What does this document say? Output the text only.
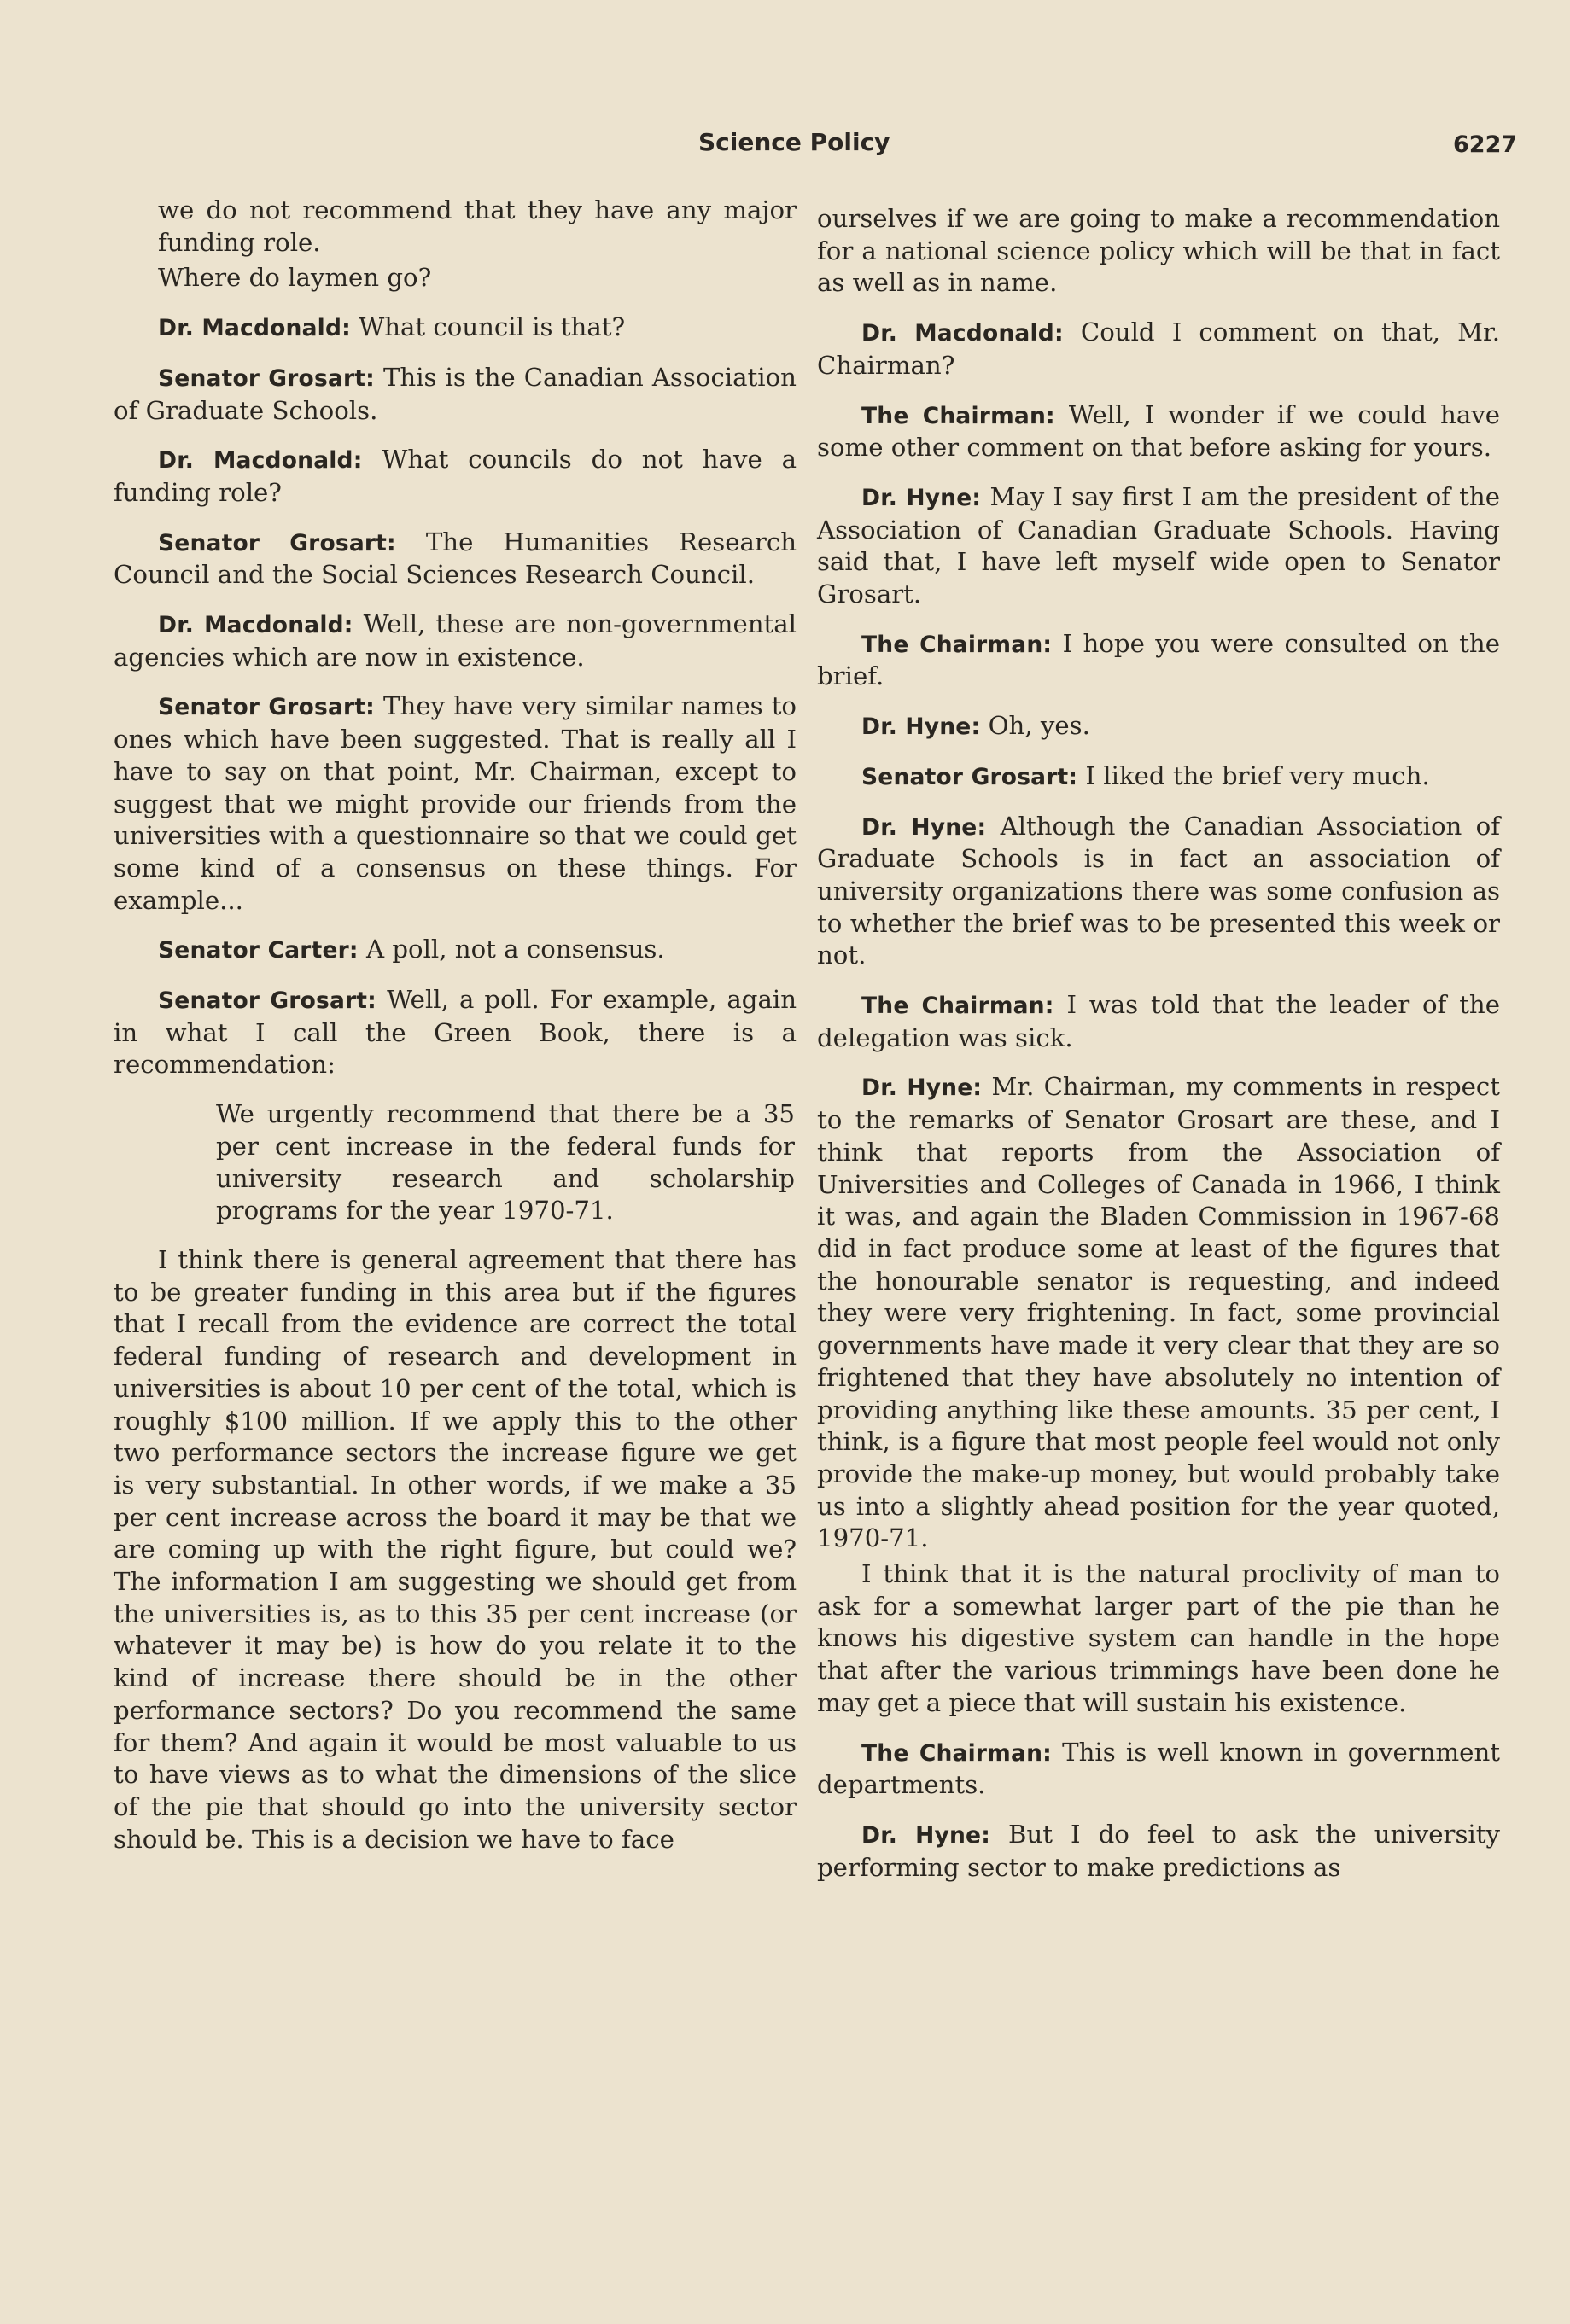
Science Policy	6227

we do not recommend that they have any major funding role.

Where do laymen go?

Dr. Macdonald: What council is that?

Senator Grosart: This is the Canadian Association of Graduate Schools.

Dr. Macdonald: What councils do not have a funding role?

Senator Grosart: The Humanities Research Council and the Social Sciences Research Council.

Dr. Macdonald: Well, these are non-governmental agencies which are now in existence.

Senator Grosart: They have very similar names to ones which have been suggested. That is really all I have to say on that point, Mr. Chairman, except to suggest that we might provide our friends from the universities with a questionnaire so that we could get some kind of a consensus on these things. For example...

Senator Carter: A poll, not a consensus.

Senator Grosart: Well, a poll. For example, again in what I call the Green Book, there is a recommendation:

We urgently recommend that there be a 35 per cent increase in the federal funds for university research and scholarship programs for the year 1970-71.

I think there is general agreement that there has to be greater funding in this area but if the figures that I recall from the evidence are correct the total federal funding of research and development in universities is about 10 per cent of the total, which is roughly $100 million. If we apply this to the other two performance sectors the increase figure we get is very substantial. In other words, if we make a 35 per cent increase across the board it may be that we are coming up with the right figure, but could we? The information I am suggesting we should get from the universities is, as to this 35 per cent increase (or whatever it may be) is how do you relate it to the kind of increase there should be in the other performance sectors? Do you recommend the same for them? And again it would be most valuable to us to have views as to what the dimensions of the slice of the pie that should go into the university sector should be. This is a decision we have to face

ourselves if we are going to make a recommendation for a national science policy which will be that in fact as well as in name.

Dr. Macdonald: Could I comment on that, Mr. Chairman?

The Chairman: Well, I wonder if we could have some other comment on that before asking for yours.

Dr. Hyne: May I say first I am the president of the Association of Canadian Graduate Schools. Having said that, I have left myself wide open to Senator Grosart.

The Chairman: I hope you were consulted on the brief.

Dr. Hyne: Oh, yes.

Senator Grosart: I liked the brief very much.

Dr. Hyne: Although the Canadian Association of Graduate Schools is in fact an association of university organizations there was some confusion as to whether the brief was to be presented this week or not.

The Chairman: I was told that the leader of the delegation was sick.

Dr. Hyne: Mr. Chairman, my comments in respect to the remarks of Senator Grosart are these, and I think that reports from the Association of Universities and Colleges of Canada in 1966, I think it was, and again the Bladen Commission in 1967-68 did in fact produce some at least of the figures that the honourable senator is requesting, and indeed they were very frightening. In fact, some provincial governments have made it very clear that they are so frightened that they have absolutely no intention of providing anything like these amounts. 35 per cent, I think, is a figure that most people feel would not only provide the make-up money, but would probably take us into a slightly ahead position for the year quoted, 1970-71.

I think that it is the natural proclivity of man to ask for a somewhat larger part of the pie than he knows his digestive system can handle in the hope that after the various trimmings have been done he may get a piece that will sustain his existence.

The Chairman: This is well known in government departments.

Dr. Hyne: But I do feel to ask the university performing sector to make predictions as
